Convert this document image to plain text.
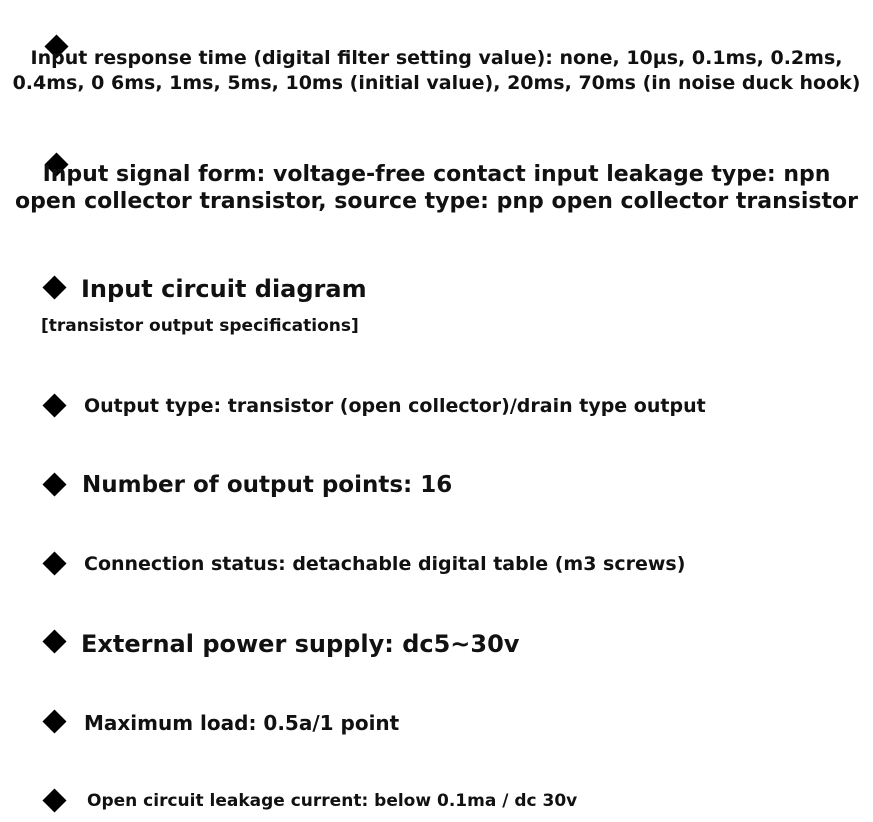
Input response time (digital filter setting value): none, 10µs, 0.1ms, 0.2ms,
0.4ms, 0 6ms, 1ms, 5ms, 10ms (initial value), 20ms, 70ms (in noise duck hook)
Input signal form: voltage-free contact input leakage type: npn
open collector transistor, source type: pnp open collector transistor
Input circuit diagram
[transistor output specifications]
Output type: transistor (open collector)/drain type output
Number of output points: 16
Connection status: detachable digital table (m3 screws)
External power supply: dc5~30v
Maximum load: 0.5a/1 point
Open circuit leakage current: below 0.1ma / dc 30v
